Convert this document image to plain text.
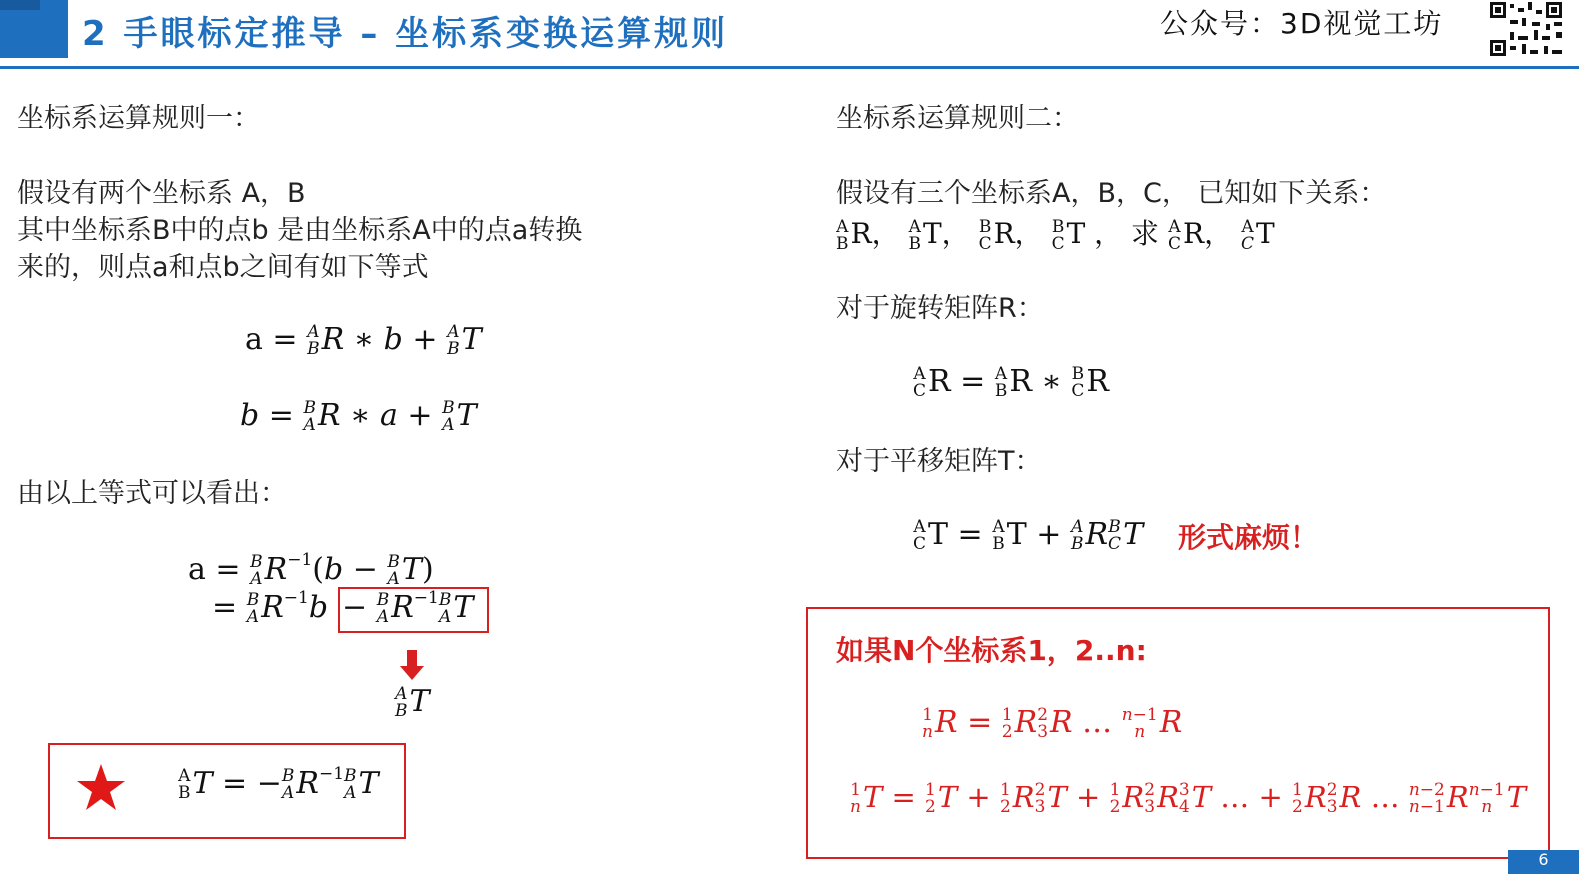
2 手眼标定推导 – 坐标系变换运算规则	公众号：3D视觉工坊
坐标系运算规则一：
假设有两个坐标系 A，B
其中坐标系B中的点b 是由坐标系A中的点a转换
来的，则点a和点b之间有如下等式
a = A
B R ∗ b + A
B T
b = B
A R ∗ a + B
A T
由以上等式可以看出：
a = B
A $R^{-1}(b - B$
A T)
= B
A $R^{-1}b - B$
A $R^{-1}$ B
A T
A
B T
A
B T = − B
A $R^{-1}$ B
A T
坐标系运算规则二：
假设有三个坐标系A，B，C， 已知如下关系：
A
B R， A
B T， B
C R， B
C T ， 求 A
C R， A
C T
对于旋转矩阵R：
A
C R = A
B R ∗ B
C R
对于平移矩阵T：
A
C T = A
B T + A
B R B
C T 形式麻烦！
如果N个坐标系1，2..n:
1
n R = 1
2 R 2
3 R … n−1
n R
1
n T = 1
2 T + 1
2 R 2
3 T + 1
2 R 2
3 R 3
4 T … + 1
2 R 2
3 R … n−2
n−1 R n−1
n T
6
